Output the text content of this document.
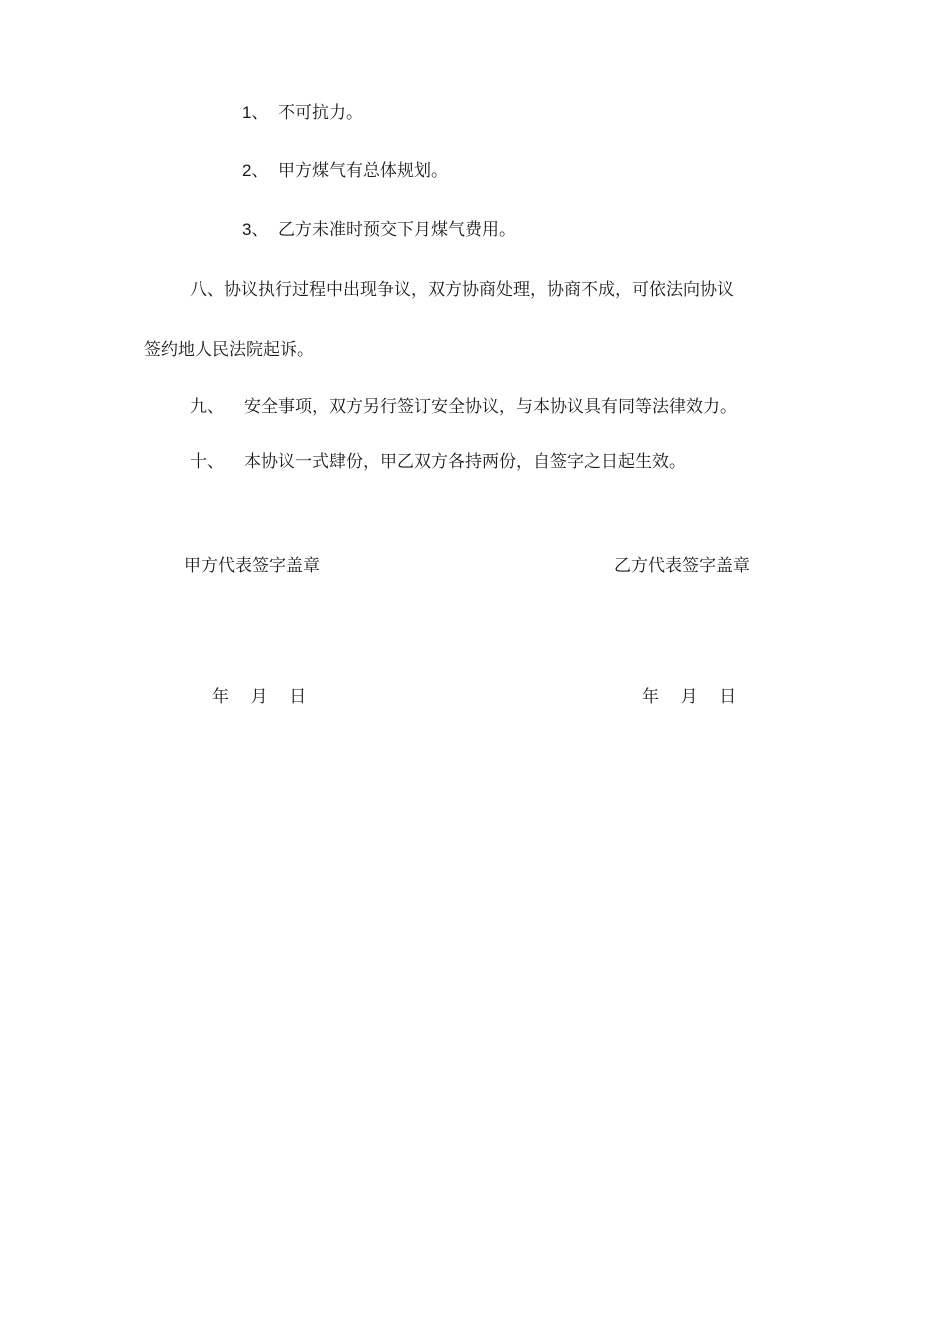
1、 不可抗力。
2、 甲方煤气有总体规划。
3、 乙方未准时预交下月煤气费用。
八、协议执行过程中出现争议，双方协商处理，协商不成，可依法向协议
签约地人民法院起诉。
九、 安全事项，双方另行签订安全协议，与本协议具有同等法律效力。
十、 本协议一式肆份，甲乙双方各持两份，自签字之日起生效。
甲方代表签字盖章	乙方代表签字盖章
年    月    日	年    月    日
